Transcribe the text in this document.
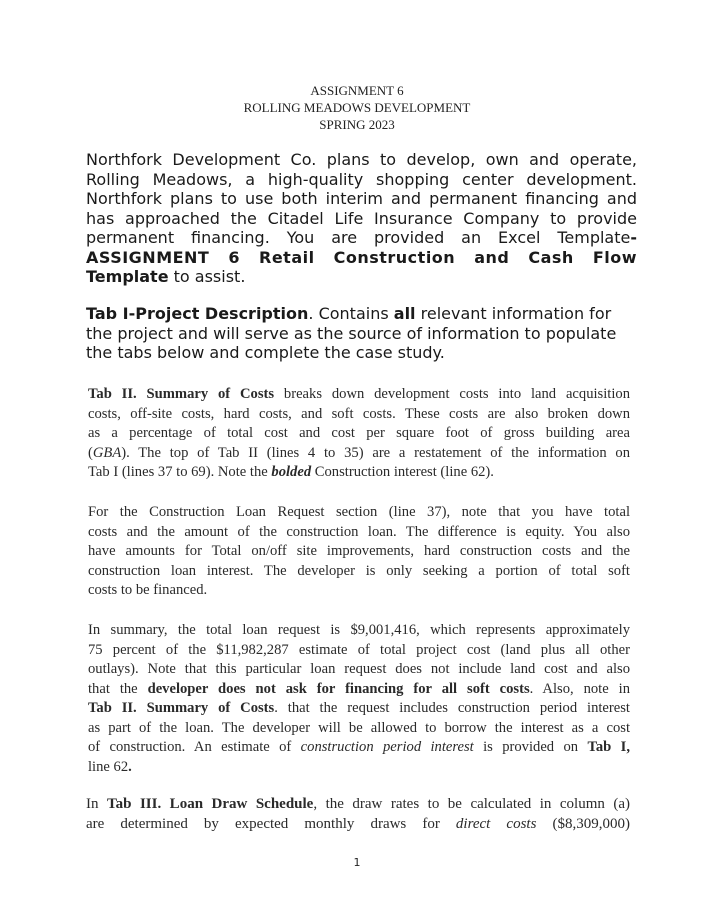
ASSIGNMENT 6
ROLLING MEADOWS DEVELOPMENT
SPRING 2023
Northfork Development Co. plans to develop, own and operate,
Rolling Meadows, a high-quality shopping center development.
Northfork plans to use both interim and permanent financing and
has approached the Citadel Life Insurance Company to provide
permanent financing. You are provided an Excel Template-
ASSIGNMENT 6 Retail Construction and Cash Flow
Template to assist.
Tab I-Project Description. Contains all relevant information for
the project and will serve as the source of information to populate
the tabs below and complete the case study.
Tab II. Summary of Costs breaks down development costs into land acquisition
costs, off-site costs, hard costs, and soft costs. These costs are also broken down
as a percentage of total cost and cost per square foot of gross building area
(GBA). The top of Tab II (lines 4 to 35) are a restatement of the information on
Tab I (lines 37 to 69). Note the bolded Construction interest (line 62).
For the Construction Loan Request section (line 37), note that you have total
costs and the amount of the construction loan. The difference is equity. You also
have amounts for Total on/off site improvements, hard construction costs and the
construction loan interest. The developer is only seeking a portion of total soft
costs to be financed.
In summary, the total loan request is $9,001,416, which represents approximately
75 percent of the $11,982,287 estimate of total project cost (land plus all other
outlays). Note that this particular loan request does not include land cost and also
that the developer does not ask for financing for all soft costs. Also, note in
Tab II. Summary of Costs. that the request includes construction period interest
as part of the loan. The developer will be allowed to borrow the interest as a cost
of construction. An estimate of construction period interest is provided on Tab I,
line 62.
In Tab III. Loan Draw Schedule, the draw rates to be calculated in column (a)
are determined by expected monthly draws for direct costs ($8,309,000)
1
